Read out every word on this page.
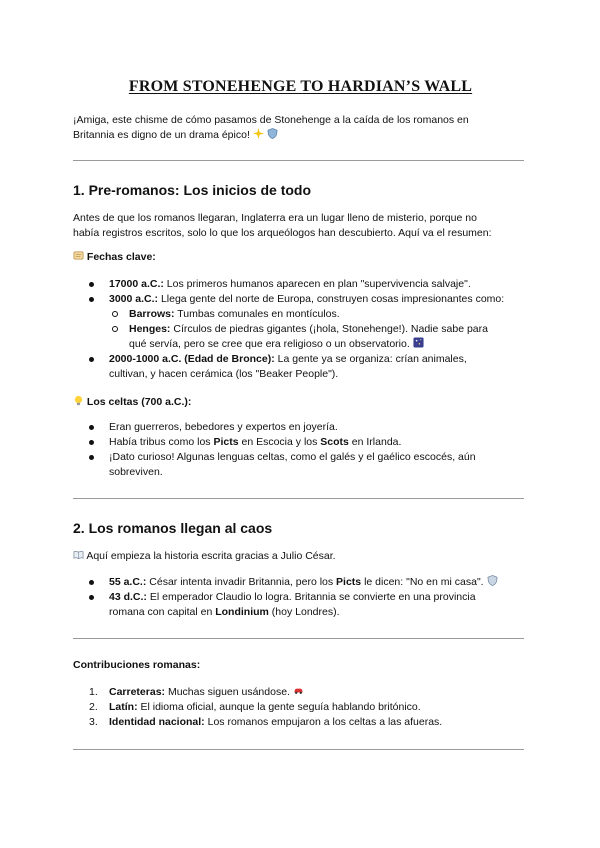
FROM STONEHENGE TO HARDIAN’S WALL
¡Amiga, este chisme de cómo pasamos de Stonehenge a la caída de los romanos en
Britannia es digno de un drama épico!
1. Pre-romanos: Los inicios de todo
Antes de que los romanos llegaran, Inglaterra era un lugar lleno de misterio, porque no
había registros escritos, solo lo que los arqueólogos han descubierto. Aquí va el resumen:
Fechas clave:
17000 a.C.: Los primeros humanos aparecen en plan "supervivencia salvaje".
3000 a.C.: Llega gente del norte de Europa, construyen cosas impresionantes como:
Barrows: Tumbas comunales en montículos.
Henges: Círculos de piedras gigantes (¡hola, Stonehenge!). Nadie sabe para
qué servía, pero se cree que era religioso o un observatorio.
2000-1000 a.C. (Edad de Bronce): La gente ya se organiza: crían animales,
cultivan, y hacen cerámica (los "Beaker People").
Los celtas (700 a.C.):
Eran guerreros, bebedores y expertos en joyería.
Había tribus como los Picts en Escocia y los Scots en Irlanda.
¡Dato curioso! Algunas lenguas celtas, como el galés y el gaélico escocés, aún
sobreviven.
2. Los romanos llegan al caos
Aquí empieza la historia escrita gracias a Julio César.
55 a.C.: César intenta invadir Britannia, pero los Picts le dicen: "No en mi casa".
43 d.C.: El emperador Claudio lo logra. Britannia se convierte en una provincia
romana con capital en Londinium (hoy Londres).
Contribuciones romanas:
1. Carreteras: Muchas siguen usándose.
2. Latín: El idioma oficial, aunque la gente seguía hablando britónico.
3. Identidad nacional: Los romanos empujaron a los celtas a las afueras.
